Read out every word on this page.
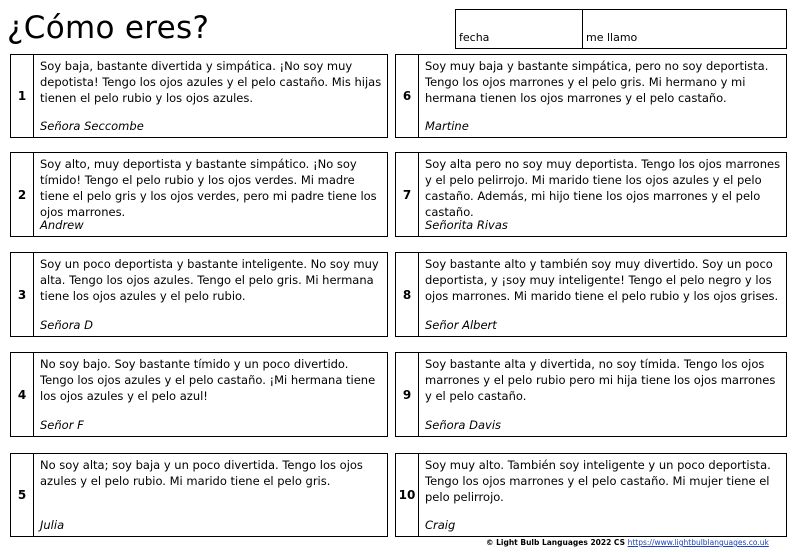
¿Cómo eres?	fecha	me llamo
1
Soy baja, bastante divertida y simpática. ¡No soy muy depotista! Tengo los ojos azules y el pelo castaño. Mis hijas tienen el pelo rubio y los ojos azules.
Señora Seccombe
2
Soy alto, muy deportista y bastante simpático. ¡No soy tímido! Tengo el pelo rubio y los ojos verdes. Mi madre tiene el pelo gris y los ojos verdes, pero mi padre tiene los ojos marrones.
Andrew
3
Soy un poco deportista y bastante inteligente. No soy muy alta. Tengo los ojos azules. Tengo el pelo gris. Mi hermana tiene los ojos azules y el pelo rubio.
Señora D
4
No soy bajo. Soy bastante tímido y un poco divertido. Tengo los ojos azules y el pelo castaño. ¡Mi hermana tiene los ojos azules y el pelo azul!
Señor F
5
No soy alta; soy baja y un poco divertida. Tengo los ojos azules y el pelo rubio. Mi marido tiene el pelo gris.
Julia
6
Soy muy baja y bastante simpática, pero no soy deportista. Tengo los ojos marrones y el pelo gris. Mi hermano y mi hermana tienen los ojos marrones y el pelo castaño.
Martine
7
Soy alta pero no soy muy deportista. Tengo los ojos marrones y el pelo pelirrojo. Mi marido tiene los ojos azules y el pelo castaño. Además, mi hijo tiene los ojos marrones y el pelo castaño.
Señorita Rivas
8
Soy bastante alto y también soy muy divertido. Soy un poco deportista, y ¡soy muy inteligente! Tengo el pelo negro y los ojos marrones. Mi marido tiene el pelo rubio y los ojos grises.
Señor Albert
9
Soy bastante alta y divertida, no soy tímida. Tengo los ojos marrones y el pelo rubio pero mi hija tiene los ojos marrones y el pelo castaño.
Señora Davis
10
Soy muy alto. También soy inteligente y un poco deportista. Tengo los ojos marrones y el pelo castaño. Mi mujer tiene el pelo pelirrojo.
Craig
© Light Bulb Languages 2022 CS https://www.lightbulblanguages.co.uk
